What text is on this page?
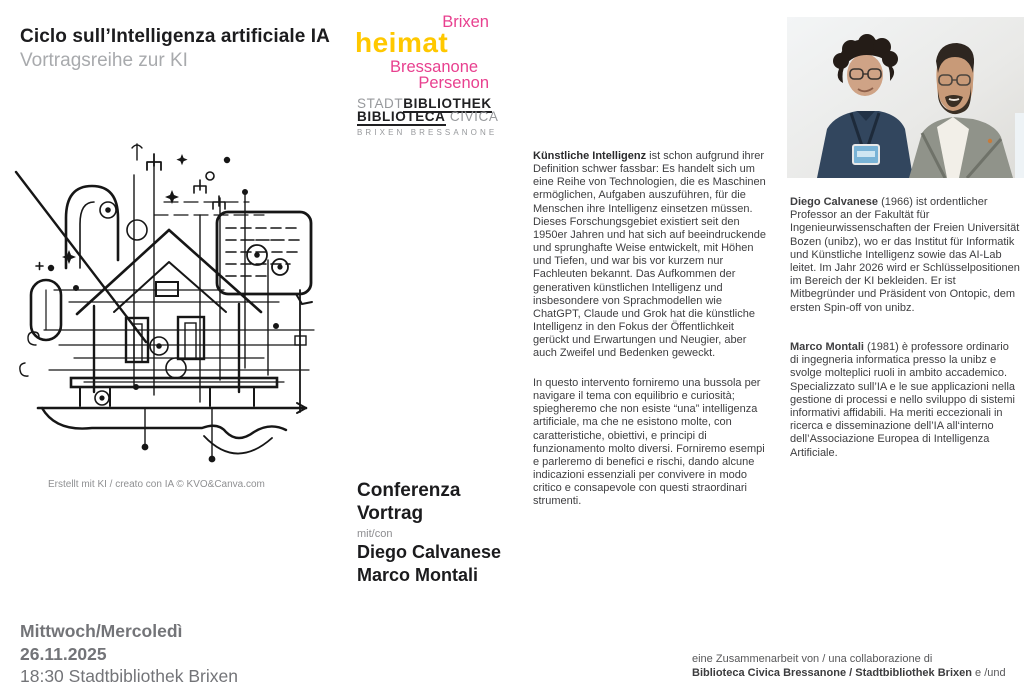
Ciclo sull’Intelligenza artificiale IA
Vortragsreihe zur KI
Brixen
heimat
Bressanone
Persenon
STADTBIBLIOTHEK
BIBLIOTECA CIVICA
BRIXEN BRESSANONE
Erstellt mit KI / creato con IA © KVO&Canva.com

Künstliche Intelligenz ist schon aufgrund ihrer Definition schwer fassbar: Es handelt sich um eine Reihe von Technologien, die es Maschinen ermöglichen, Aufgaben auszuführen, für die Menschen ihre Intelligenz einsetzen müssen. Dieses Forschungsgebiet existiert seit den 1950er Jahren und hat sich auf beeindruckende und sprunghafte Weise entwickelt, mit Höhen und Tiefen, und war bis vor kurzem nur Fachleuten bekannt. Das Aufkommen der generativen künstlichen Intelligenz und insbesondere von Sprachmodellen wie ChatGPT, Claude und Grok hat die künstliche Intelligenz in den Fokus der Öffentlichkeit gerückt und Erwartungen und Neugier, aber auch Zweifel und Bedenken geweckt.

In questo intervento forniremo una bussola per navigare il tema con equilibrio e curiosità; spiegheremo che non esiste “una” intelligenza artificiale, ma che ne esistono molte, con caratteristiche, obiettivi, e principi di funzionamento molto diversi. Forniremo esempi e parleremo di benefici e rischi, dando alcune indicazioni essenziali per convivere in modo critico e consapevole con questi straordinari strumenti.

Conferenza
Vortrag
mit/con
Diego Calvanese
Marco Montali

Diego Calvanese (1966) ist ordentlicher Professor an der Fakultät für Ingenieurwissenschaften der Freien Universität Bozen (unibz), wo er das Institut für Informatik und Künstliche Intelligenz sowie das AI-Lab leitet. Im Jahr 2026 wird er Schlüsselpositionen im Bereich der KI bekleiden. Er ist Mitbegründer und Präsident von Ontopic, dem ersten Spin-off von unibz.

Marco Montali (1981) è professore ordinario di ingegneria informatica presso la unibz e svolge molteplici ruoli in ambito accademico. Specializzato sull’IA e le sue applicazioni nella gestione di processi e nello sviluppo di sistemi informativi affidabili. Ha meriti eccezionali in ricerca e disseminazione dell’IA all‘interno dell’Associazione Europea di Intelligenza Artificiale.

Mittwoch/Mercoledì
26.11.2025
18:30 Stadtbibliothek Brixen
eine Zusammenarbeit von / una collaborazione di
Biblioteca Civica Bressanone / Stadtbibliothek Brixen e /und
